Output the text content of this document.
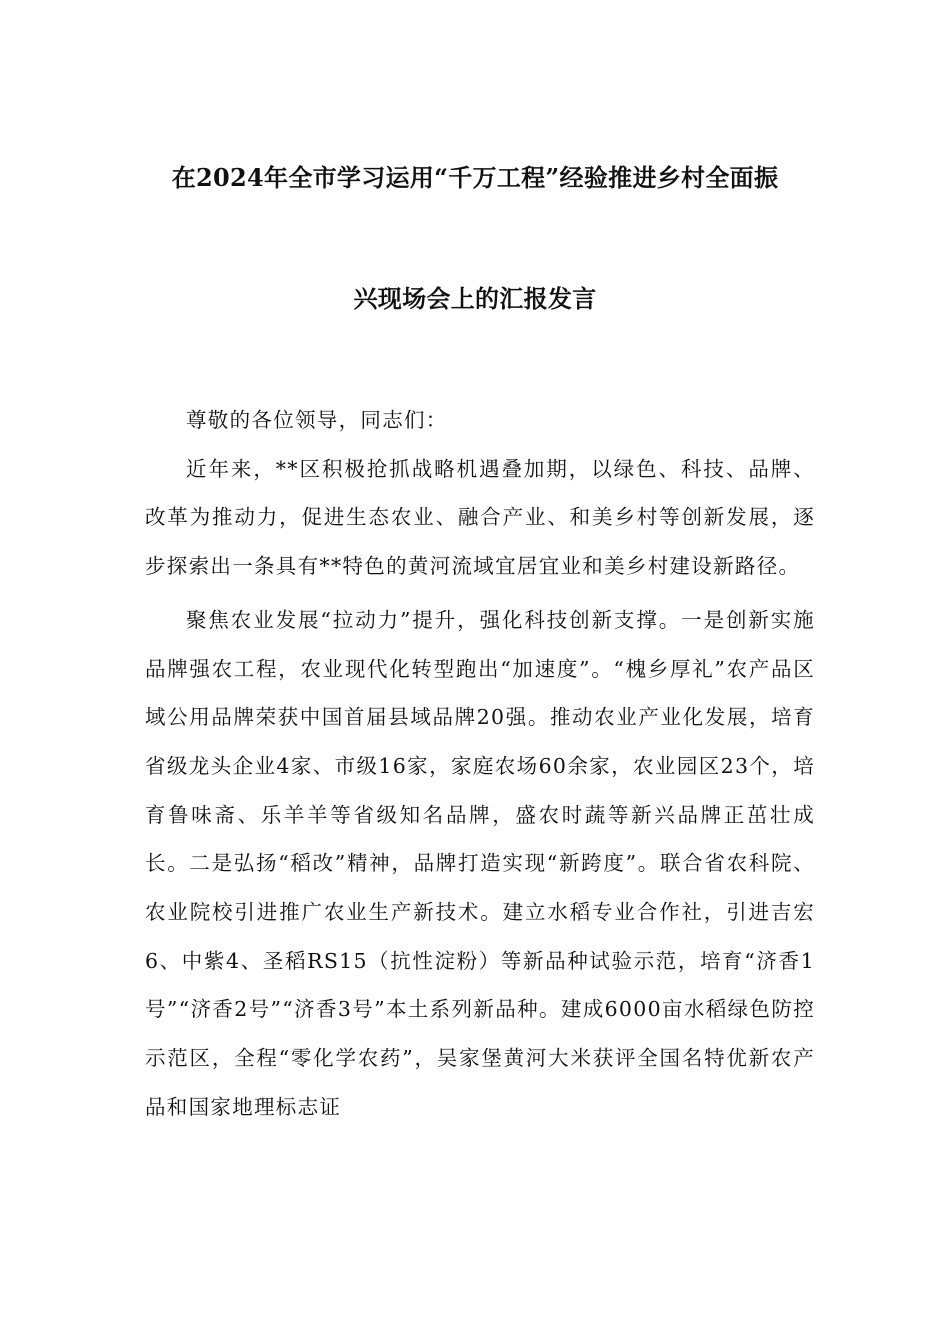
在2024年全市学习运用“千万工程”经验推进乡村全面振
兴现场会上的汇报发言

尊敬的各位领导，同志们：

近年来，**区积极抢抓战略机遇叠加期，以绿色、科技、品牌、改革为推动力，促进生态农业、融合产业、和美乡村等创新发展，逐步探索出一条具有**特色的黄河流域宜居宜业和美乡村建设新路径。

聚焦农业发展“拉动力”提升，强化科技创新支撑。一是创新实施品牌强农工程，农业现代化转型跑出“加速度”。“槐乡厚礼”农产品区域公用品牌荣获中国首届县域品牌20强。推动农业产业化发展，培育省级龙头企业4家、市级16家，家庭农场60余家，农业园区23个，培育鲁味斋、乐羊羊等省级知名品牌，盛农时蔬等新兴品牌正茁壮成长。二是弘扬“稻改”精神，品牌打造实现“新跨度”。联合省农科院、农业院校引进推广农业生产新技术。建立水稻专业合作社，引进吉宏6、中紫4、圣稻RS15（抗性淀粉）等新品种试验示范，培育“济香1号”“济香2号”“济香3号”本土系列新品种。建成6000亩水稻绿色防控示范区，全程“零化学农药”，吴家堡黄河大米获评全国名特优新农产品和国家地理标志证
